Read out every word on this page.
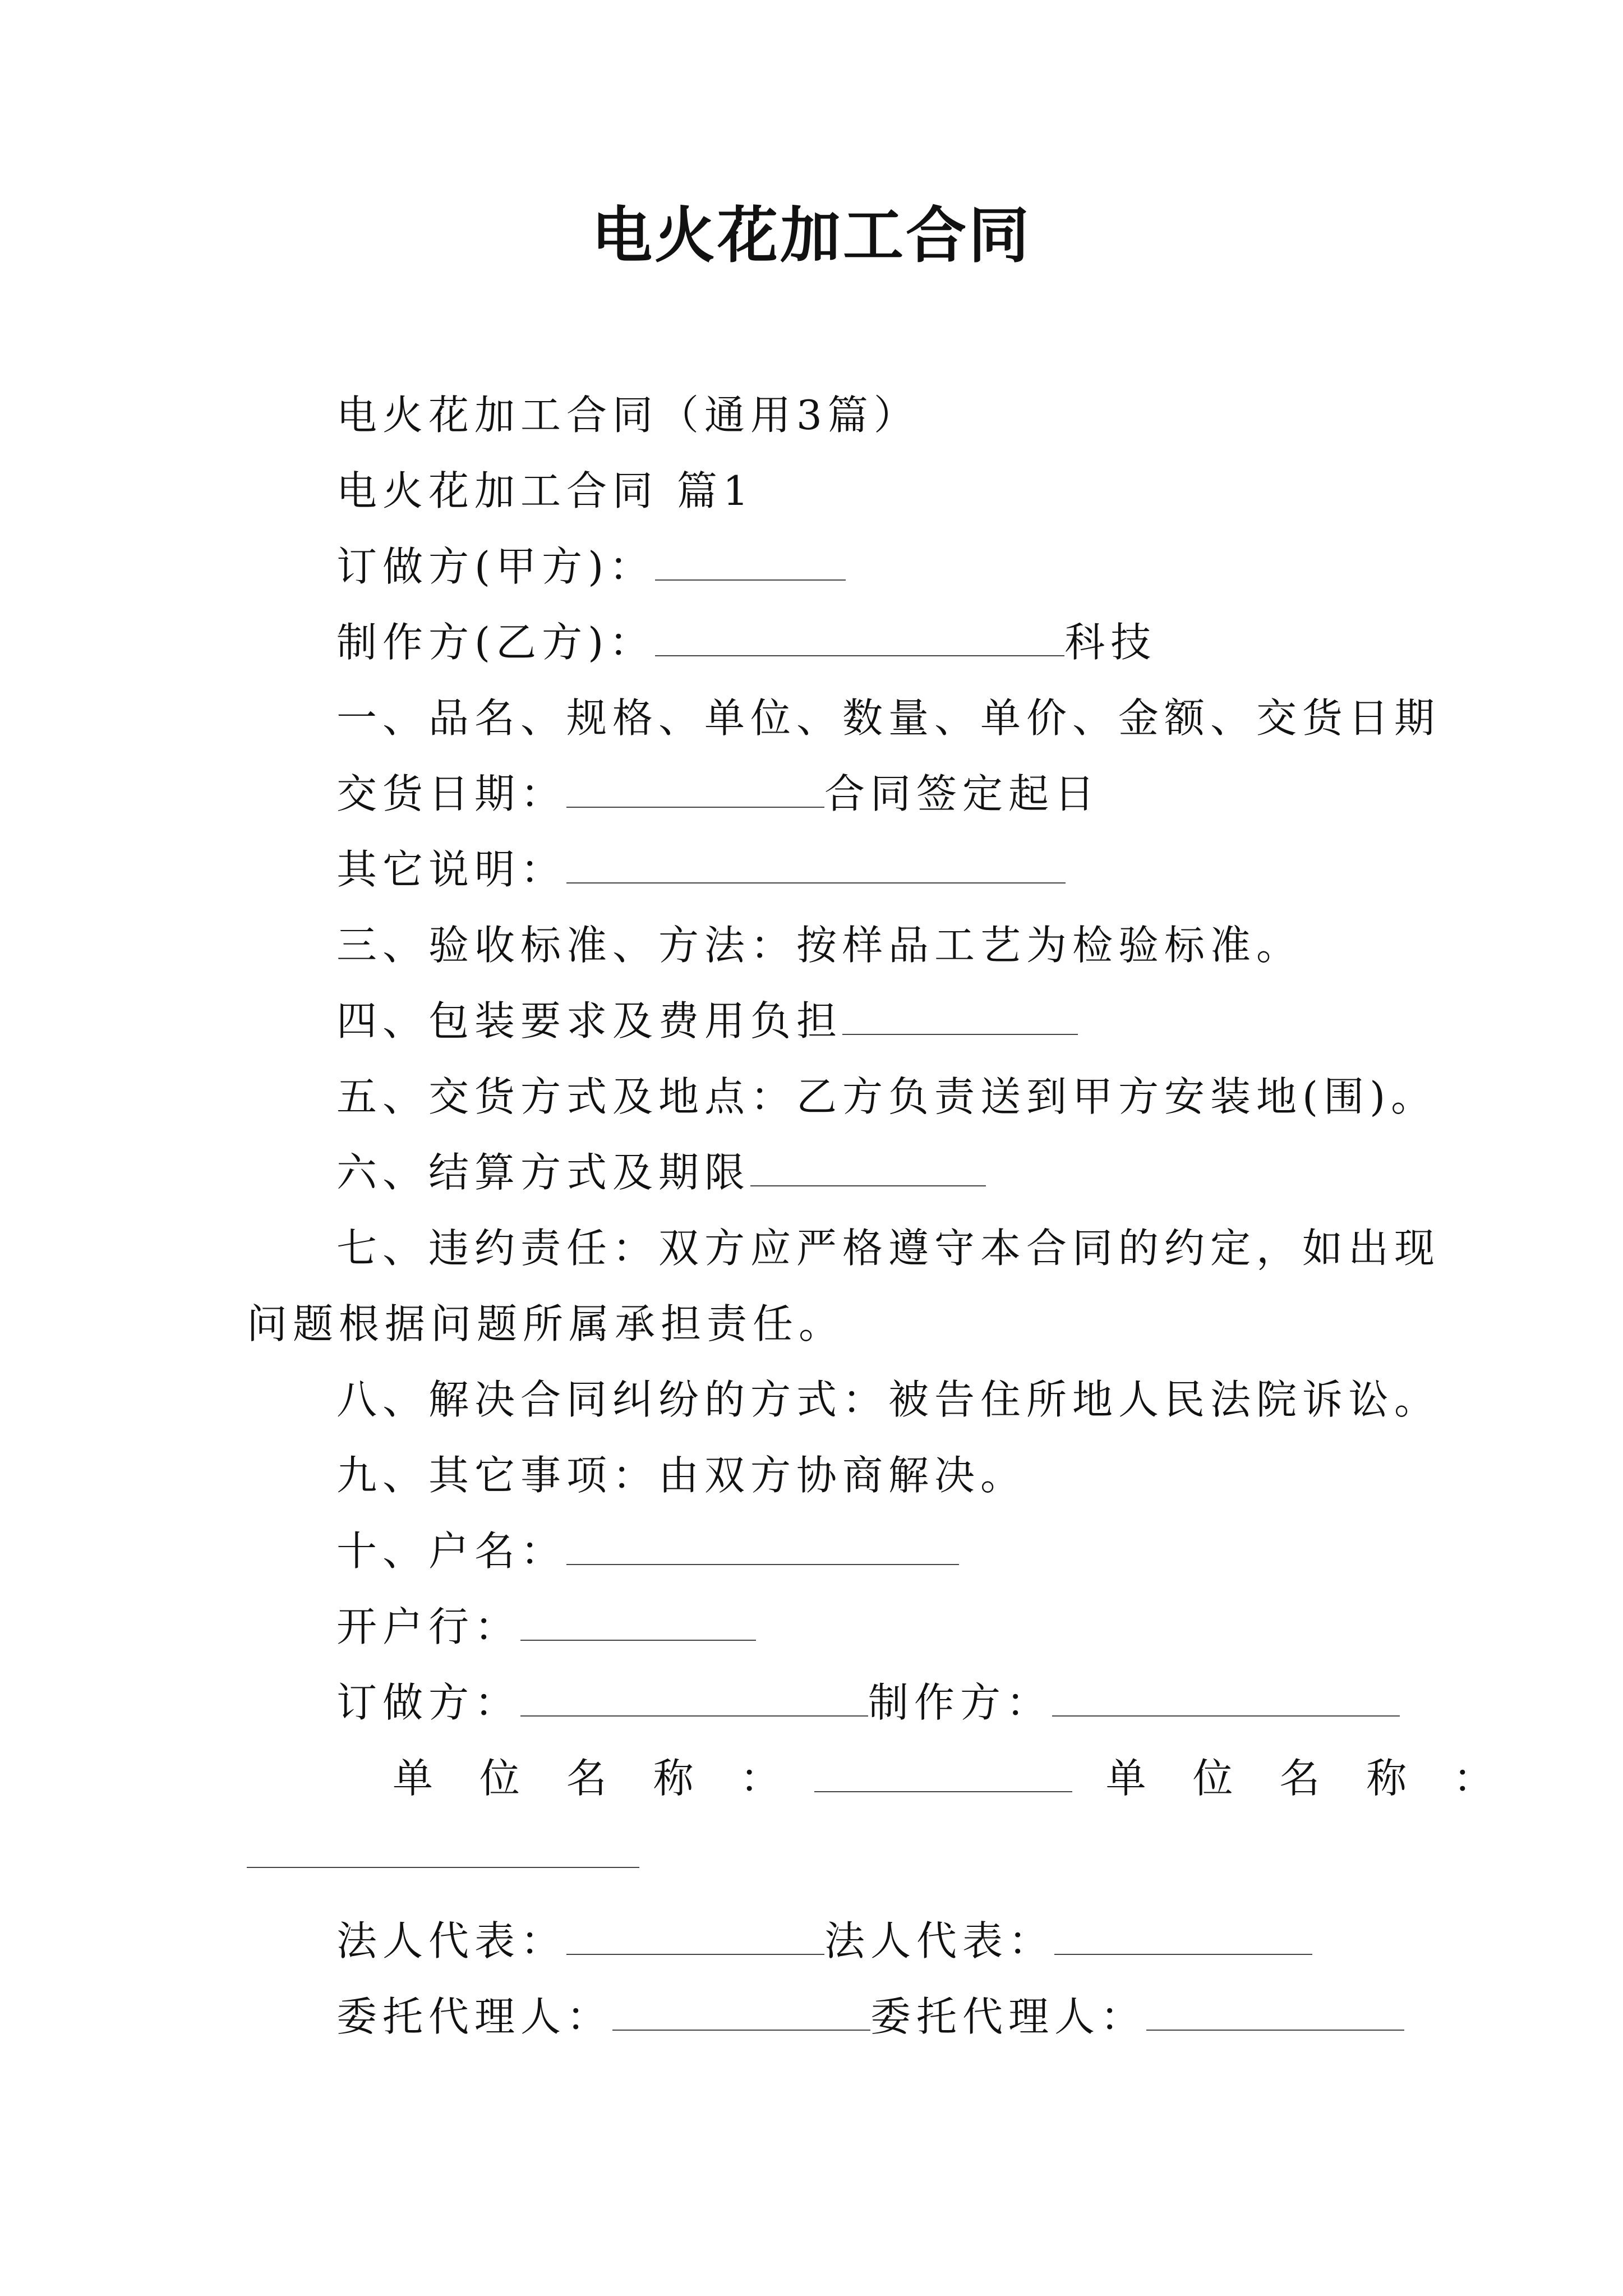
电火花加工合同
电火花加工合同（通用3篇）
电火花加工合同 篇1
订做方(甲方)：
制作方(乙方)：	科技
一、品名、规格、单位、数量、单价、金额、交货日期
交货日期：	合同签定起日
其它说明：
三、验收标准、方法：按样品工艺为检验标准。
四、包装要求及费用负担
五、交货方式及地点：乙方负责送到甲方安装地(围)。
六、结算方式及期限
七、违约责任：双方应严格遵守本合同的约定，如出现
问题根据问题所属承担责任。
八、解决合同纠纷的方式：被告住所地人民法院诉讼。
九、其它事项：由双方协商解决。
十、户名：
开户行：
订做方：	制作方：
单 位 名 称 ：	单 位 名 称 ：
法人代表：	法人代表：
委托代理人：	委托代理人：
